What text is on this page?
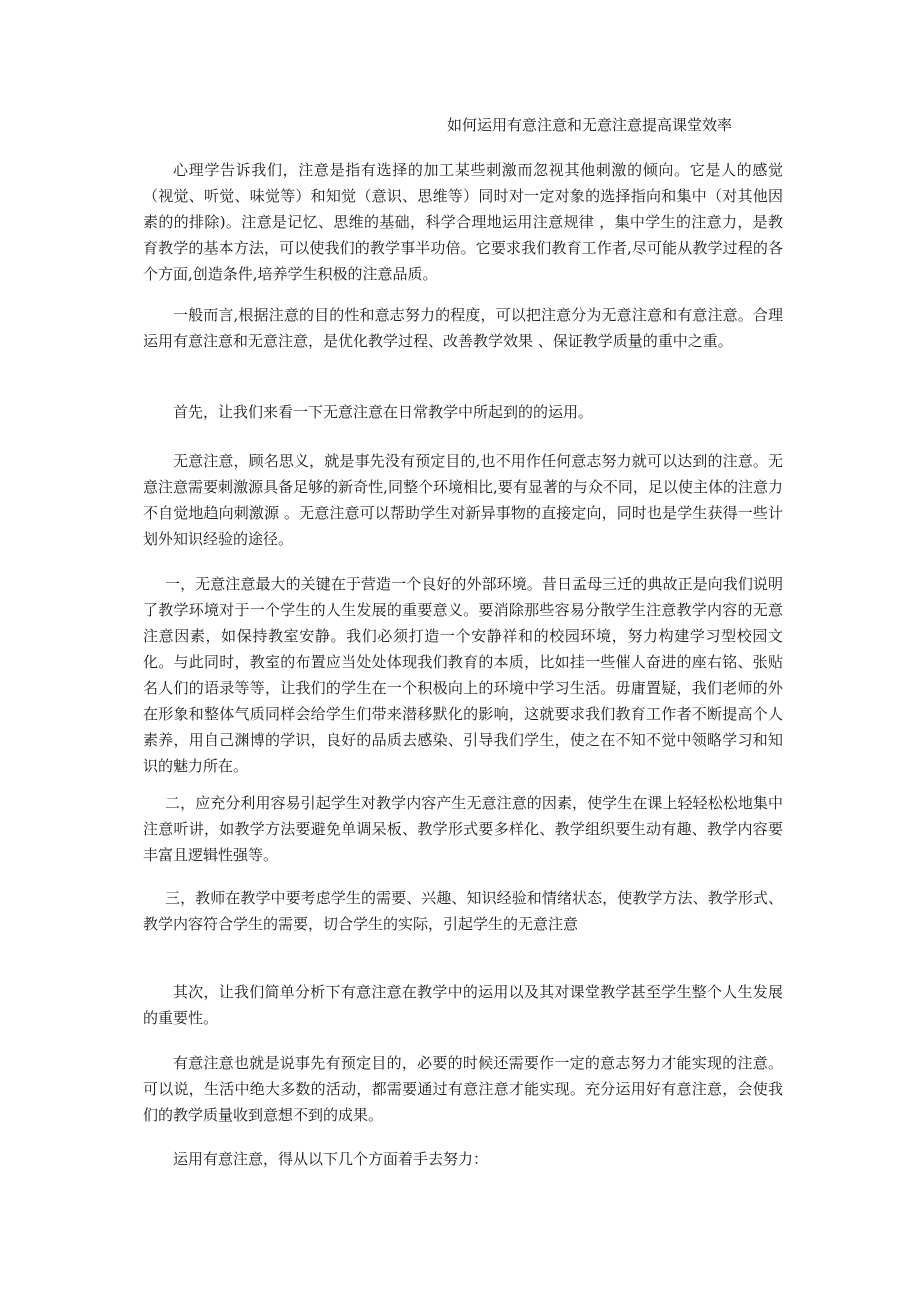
如何运用有意注意和无意注意提高课堂效率

心理学告诉我们，注意是指有选择的加工某些刺激而忽视其他刺激的倾向。它是人的感觉（视觉、听觉、味觉等）和知觉（意识、思维等）同时对一定对象的选择指向和集中（对其他因素的的排除)。注意是记忆、思维的基础，科学合理地运用注意规律 ，集中学生的注意力，是教育教学的基本方法，可以使我们的教学事半功倍。它要求我们教育工作者,尽可能从教学过程的各个方面,创造条件,培养学生积极的注意品质。

一般而言,根据注意的目的性和意志努力的程度，可以把注意分为无意注意和有意注意。合理运用有意注意和无意注意，是优化教学过程、改善教学效果 、保证教学质量的重中之重。

首先，让我们来看一下无意注意在日常教学中所起到的的运用。

无意注意，顾名思义，就是事先没有预定目的,也不用作任何意志努力就可以达到的注意。无意注意需要刺激源具备足够的新奇性,同整个环境相比,要有显著的与众不同，足以使主体的注意力不自觉地趋向刺激源 。无意注意可以帮助学生对新异事物的直接定向，同时也是学生获得一些计划外知识经验的途径。

一，无意注意最大的关键在于营造一个良好的外部环境。昔日孟母三迁的典故正是向我们说明了教学环境对于一个学生的人生发展的重要意义。要消除那些容易分散学生注意教学内容的无意注意因素，如保持教室安静。我们必须打造一个安静祥和的校园环境，努力构建学习型校园文化。与此同时，教室的布置应当处处体现我们教育的本质，比如挂一些催人奋进的座右铭、张贴名人们的语录等等，让我们的学生在一个积极向上的环境中学习生活。毋庸置疑，我们老师的外在形象和整体气质同样会给学生们带来潜移默化的影响，这就要求我们教育工作者不断提高个人素养，用自己渊博的学识，良好的品质去感染、引导我们学生，使之在不知不觉中领略学习和知识的魅力所在。

二，应充分利用容易引起学生对教学内容产生无意注意的因素，使学生在课上轻轻松松地集中注意听讲，如教学方法要避免单调呆板、教学形式要多样化、教学组织要生动有趣、教学内容要丰富且逻辑性强等。

三，教师在教学中要考虑学生的需要、兴趣、知识经验和情绪状态，使教学方法、教学形式、教学内容符合学生的需要，切合学生的实际，引起学生的无意注意

其次，让我们简单分析下有意注意在教学中的运用以及其对课堂教学甚至学生整个人生发展的重要性。

有意注意也就是说事先有预定目的，必要的时候还需要作一定的意志努力才能实现的注意。可以说，生活中绝大多数的活动，都需要通过有意注意才能实现。充分运用好有意注意，会使我们的教学质量收到意想不到的成果。

运用有意注意，得从以下几个方面着手去努力：
